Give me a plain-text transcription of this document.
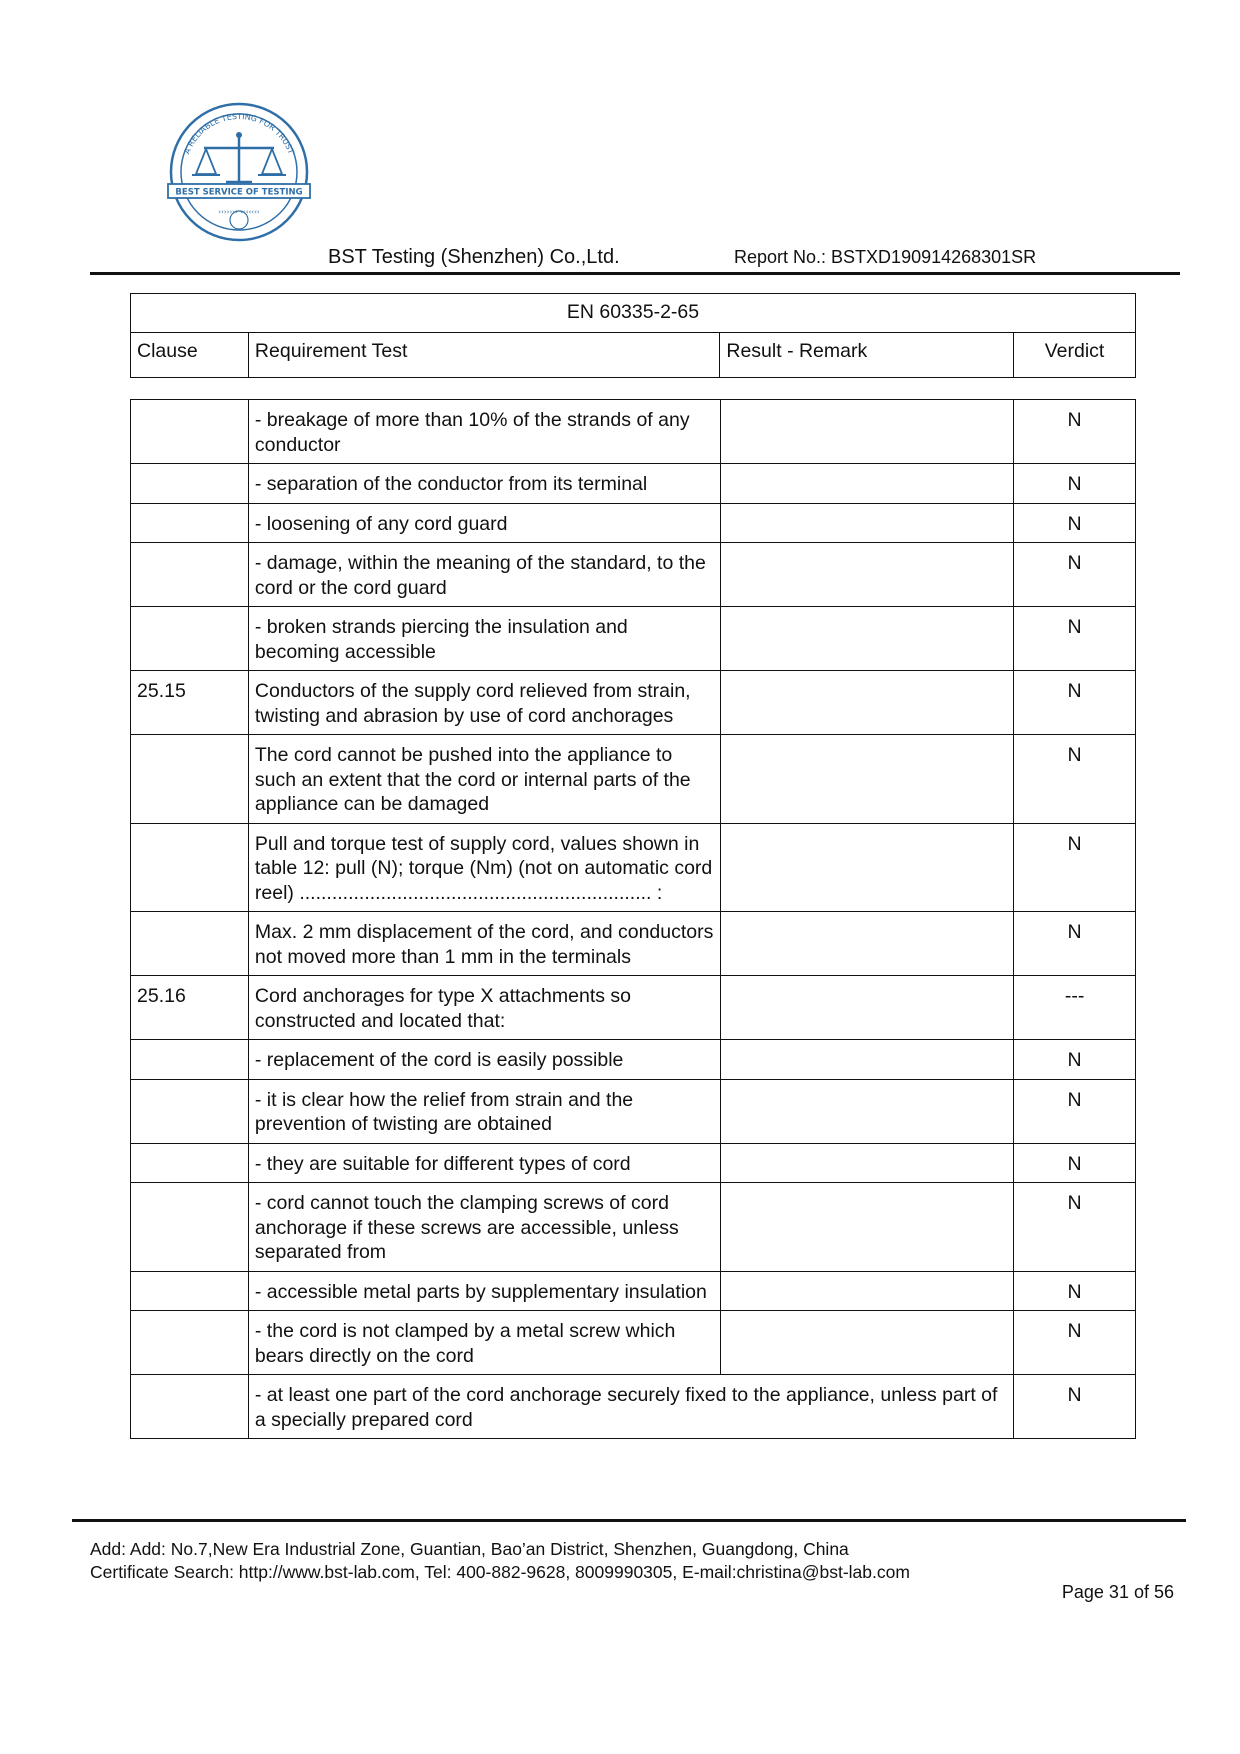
A RELIABLE TESTING FOR TRUST
BEST SERVICE OF TESTING
››››››› ‹‹‹‹‹‹‹
BST Testing (Shenzhen) Co.,Ltd.	Report No.: BSTXD190914268301SR
EN 60335-2-65
Clause	Requirement Test	Result - Remark	Verdict
	- breakage of more than 10% of the strands of any conductor		N
	- separation of the conductor from its terminal		N
	- loosening of any cord guard		N
	- damage, within the meaning of the standard, to the cord or the cord guard		N
	- broken strands piercing the insulation and becoming accessible		N
25.15	Conductors of the supply cord relieved from strain, twisting and abrasion by use of cord anchorages		N
	The cord cannot be pushed into the appliance to such an extent that the cord or internal parts of the appliance can be damaged		N
	Pull and torque test of supply cord, values shown in table 12: pull (N); torque (Nm) (not on automatic cord reel) ................................................................. :		N
	Max. 2 mm displacement of the cord, and conductors not moved more than 1 mm in the terminals		N
25.16	Cord anchorages for type X attachments so constructed and located that:		---
	- replacement of the cord is easily possible		N
	- it is clear how the relief from strain and the prevention of twisting are obtained		N
	- they are suitable for different types of cord		N
	- cord cannot touch the clamping screws of cord anchorage if these screws are accessible, unless separated from		N
	- accessible metal parts by supplementary insulation		N
	- the cord is not clamped by a metal screw which bears directly on the cord		N
	- at least one part of the cord anchorage securely fixed to the appliance, unless part of a specially prepared cord		N
Add: Add: No.7,New Era Industrial Zone, Guantian, Bao’an District, Shenzhen, Guangdong, China
Certificate Search: http://www.bst-lab.com, Tel: 400-882-9628, 8009990305, E-mail:christina@bst-lab.com
Page 31 of 56
